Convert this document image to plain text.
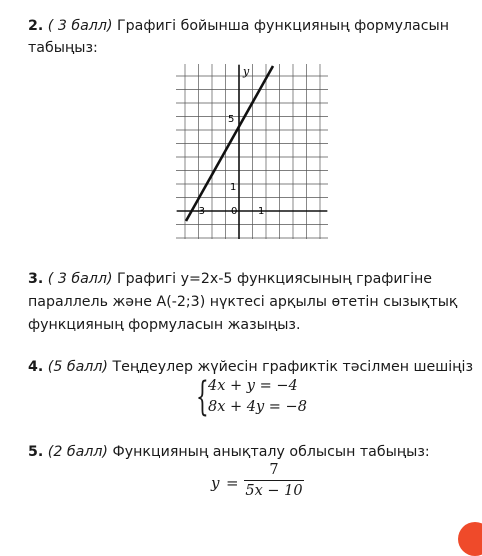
2. ( 3 балл) Графигі бойынша функцияның формуласын
табыңыз:
y
5
1
-3	0 1
3. ( 3 балл) Графигі у=2х-5 функциясының графигіне
параллель және А(-2;3) нүктесі арқылы өтетін сызықтық
функцияның формуласын жазыңыз.
4. (5 балл) Теңдеулер жүйесін графиктік тәсілмен шешіңіз
{ 4x + y = −4
8x + 4y = −8
5. (2 балл) Функцияның анықталу облысын табыңыз:
y =
7
5x − 10
